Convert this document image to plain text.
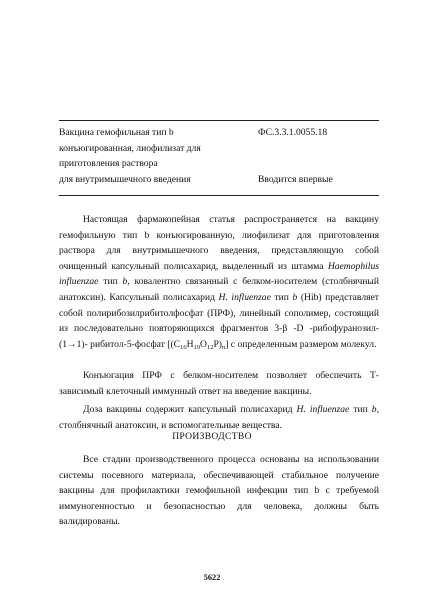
Вакцина гемофильная тип b
конъюгированная, лиофилизат для
приготовления раствора
для внутримышечного введения
ФС.3.3.1.0055.18
Вводится впервые

Настоящая фармакопейная статья распространяется на вакцину гемофильную тип b конъюгированную, лиофилизат для приготовления раствора для внутримышечного введения, представляющую собой очищенный капсульный полисахарид, выделенный из штамма Haemophilus influenzae тип b, ковалентно связанный с белком-носителем (столбнячный анатоксин). Капсульный полисахарид H. influenzae тип b (Hib) представляет собой полирибозилрибитолфосфат (ПРФ), линейный сополимер, состоящий из последовательно повторяющихся фрагментов 3-β -D -рибофуранозил- (1→1)- рибитол-5-фосфат $[(C_{16}H_{19}O_{12}P)_n]$ с определенным размером молекул.

Конъюгация ПРФ с белком-носителем позволяет обеспечить Т-зависимый клеточный иммунный ответ на введение вакцины.

Доза вакцины содержит капсульный полисахарид H. influenzae тип b, столбнячный анатоксин, и вспомогательные вещества.

ПРОИЗВОДСТВО

Все стадии производственного процесса основаны на использовании системы посевного материала, обеспечивающей стабильное получение вакцины для профилактики гемофильной инфекции тип b с требуемой иммуногенностью и безопасностью для человека, должны быть валидированы.

5622
